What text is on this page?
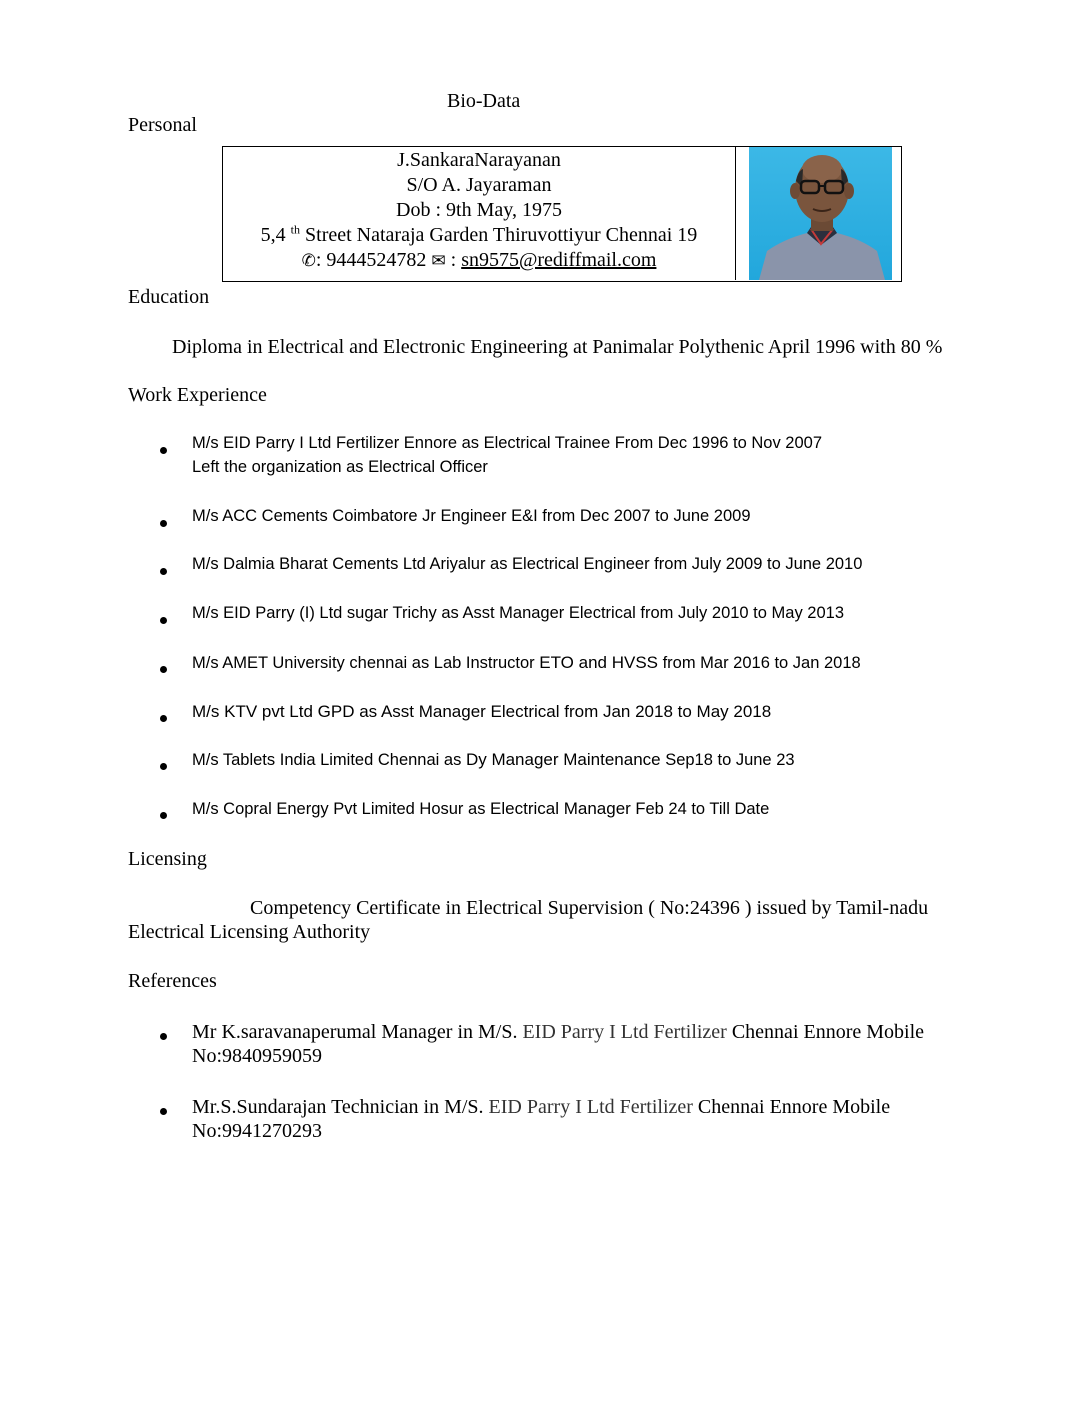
Bio-Data
Personal
J.SankaraNarayanan
S/O A. Jayaraman
Dob : 9th May, 1975
5,4 $^{th}$ Street Nataraja Garden Thiruvottiyur Chennai 19
✆: 9444524782 ✉ : sn9575@rediffmail.com
Education
Diploma in Electrical and Electronic Engineering at Panimalar Polythenic April 1996 with 80 %
Work Experience
M/s EID Parry I Ltd Fertilizer Ennore as Electrical Trainee From Dec 1996 to Nov 2007
Left the organization as Electrical Officer
M/s ACC Cements Coimbatore Jr Engineer E&I from Dec 2007 to June 2009
M/s Dalmia Bharat Cements Ltd Ariyalur as Electrical Engineer from July 2009 to June 2010
M/s EID Parry (I) Ltd sugar Trichy as Asst Manager Electrical from July 2010 to May 2013
M/s AMET University chennai as Lab Instructor ETO and HVSS from Mar 2016 to Jan 2018
M/s KTV pvt Ltd GPD as Asst Manager Electrical from Jan 2018 to May 2018
M/s Tablets India Limited Chennai as Dy Manager Maintenance Sep18 to June 23
M/s Copral Energy Pvt Limited Hosur as Electrical Manager Feb 24 to Till Date
Licensing
Competency Certificate in Electrical Supervision ( No:24396 ) issued by Tamil-nadu
Electrical Licensing Authority
References
Mr K.saravanaperumal Manager in M/S. EID Parry I Ltd Fertilizer Chennai Ennore Mobile
No:9840959059
Mr.S.Sundarajan Technician in M/S. EID Parry I Ltd Fertilizer Chennai Ennore Mobile
No:9941270293
